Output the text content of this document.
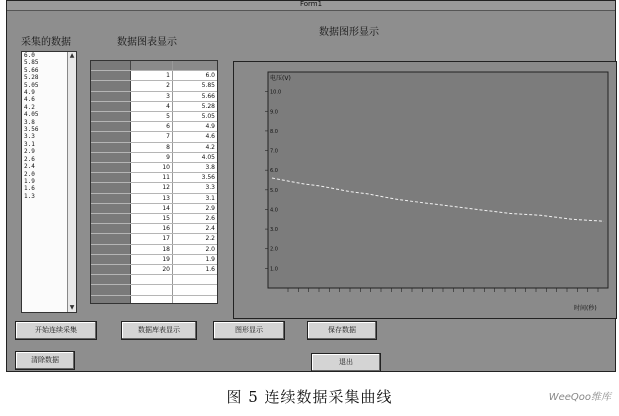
Form1
采集的数据	数据图表显示
数据图形显示
6.0
5.85
5.66
5.28
5.05
4.9
4.6
4.2
4.05
3.8
3.56
3.3
3.1
2.9
2.6
2.4
2.0
1.9
1.6
1.3
▲
▼
1	6.0
2	5.85
3	5.66
4	5.28
5	5.05
6	4.9
7	4.6
8	4.2
9	4.05
10	3.8
11	3.56
12	3.3
13	3.1
14	2.9
15	2.6
16	2.4
17	2.2
18	2.0
19	1.9
20	1.6
电压(V)
时间(秒)
10.0
9.0
8.0
7.0
6.0
5.0
4.0
3.0
2.0
1.0
开始连续采集	数据库表显示	图形显示	保存数据
清除数据	退出
图 5 连续数据采集曲线	WeeQoo维库
